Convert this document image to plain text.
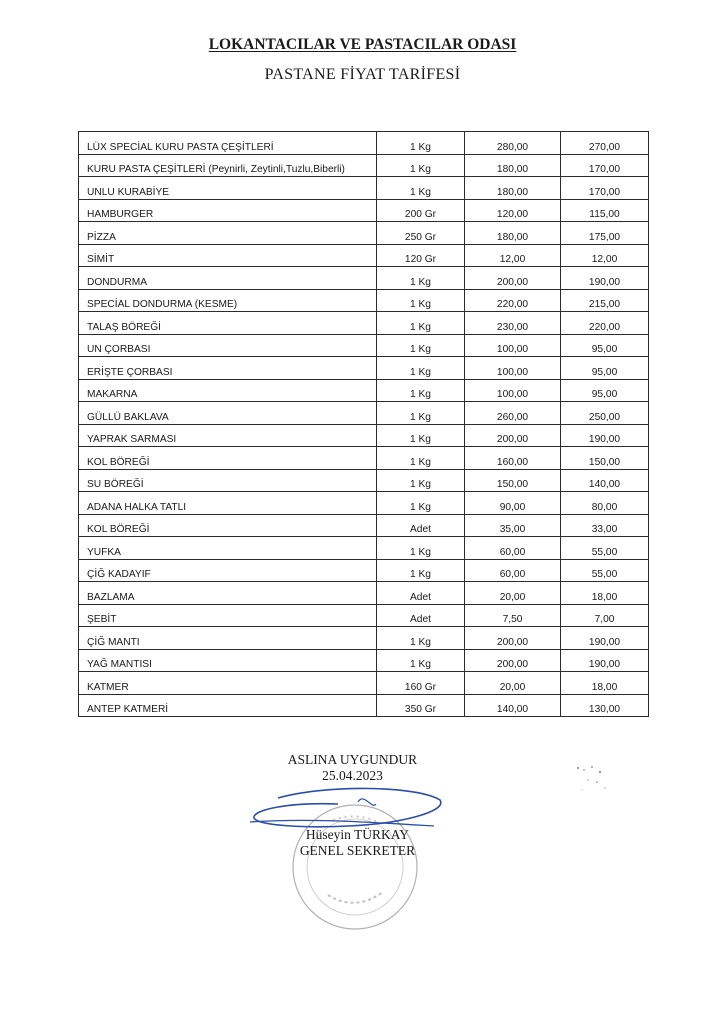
LOKANTACILAR VE PASTACILAR ODASI
PASTANE FİYAT TARİFESİ
LÜX SPECİAL KURU PASTA ÇEŞİTLERİ	1 Kg	280,00	270,00
KURU PASTA ÇEŞİTLERİ (Peynirli, Zeytinli,Tuzlu,Biberli)	1 Kg	180,00	170,00
UNLU KURABİYE	1 Kg	180,00	170,00
HAMBURGER	200 Gr	120,00	115,00
PİZZA	250 Gr	180,00	175,00
SİMİT	120 Gr	12,00	12,00
DONDURMA	1 Kg	200,00	190,00
SPECİAL DONDURMA (KESME)	1 Kg	220,00	215,00
TALAŞ BÖREĞİ	1 Kg	230,00	220,00
UN ÇORBASI	1 Kg	100,00	95,00
ERİŞTE ÇORBASI	1 Kg	100,00	95,00
MAKARNA	1 Kg	100,00	95,00
GÜLLÜ BAKLAVA	1 Kg	260,00	250,00
YAPRAK SARMASI	1 Kg	200,00	190,00
KOL BÖREĞİ	1 Kg	160,00	150,00
SU BÖREĞİ	1 Kg	150,00	140,00
ADANA HALKA TATLI	1 Kg	90,00	80,00
KOL BÖREĞİ	Adet	35,00	33,00
YUFKA	1 Kg	60,00	55,00
ÇİĞ KADAYIF	1 Kg	60,00	55,00
BAZLAMA	Adet	20,00	18,00
ŞEBİT	Adet	7,50	7,00
ÇİĞ MANTI	1 Kg	200,00	190,00
YAĞ MANTISI	1 Kg	200,00	190,00
KATMER	160 Gr	20,00	18,00
ANTEP KATMERİ	350 Gr	140,00	130,00
ASLINA UYGUNDUR
25.04.2023
Hüseyin TÜRKAY
GENEL SEKRETER
